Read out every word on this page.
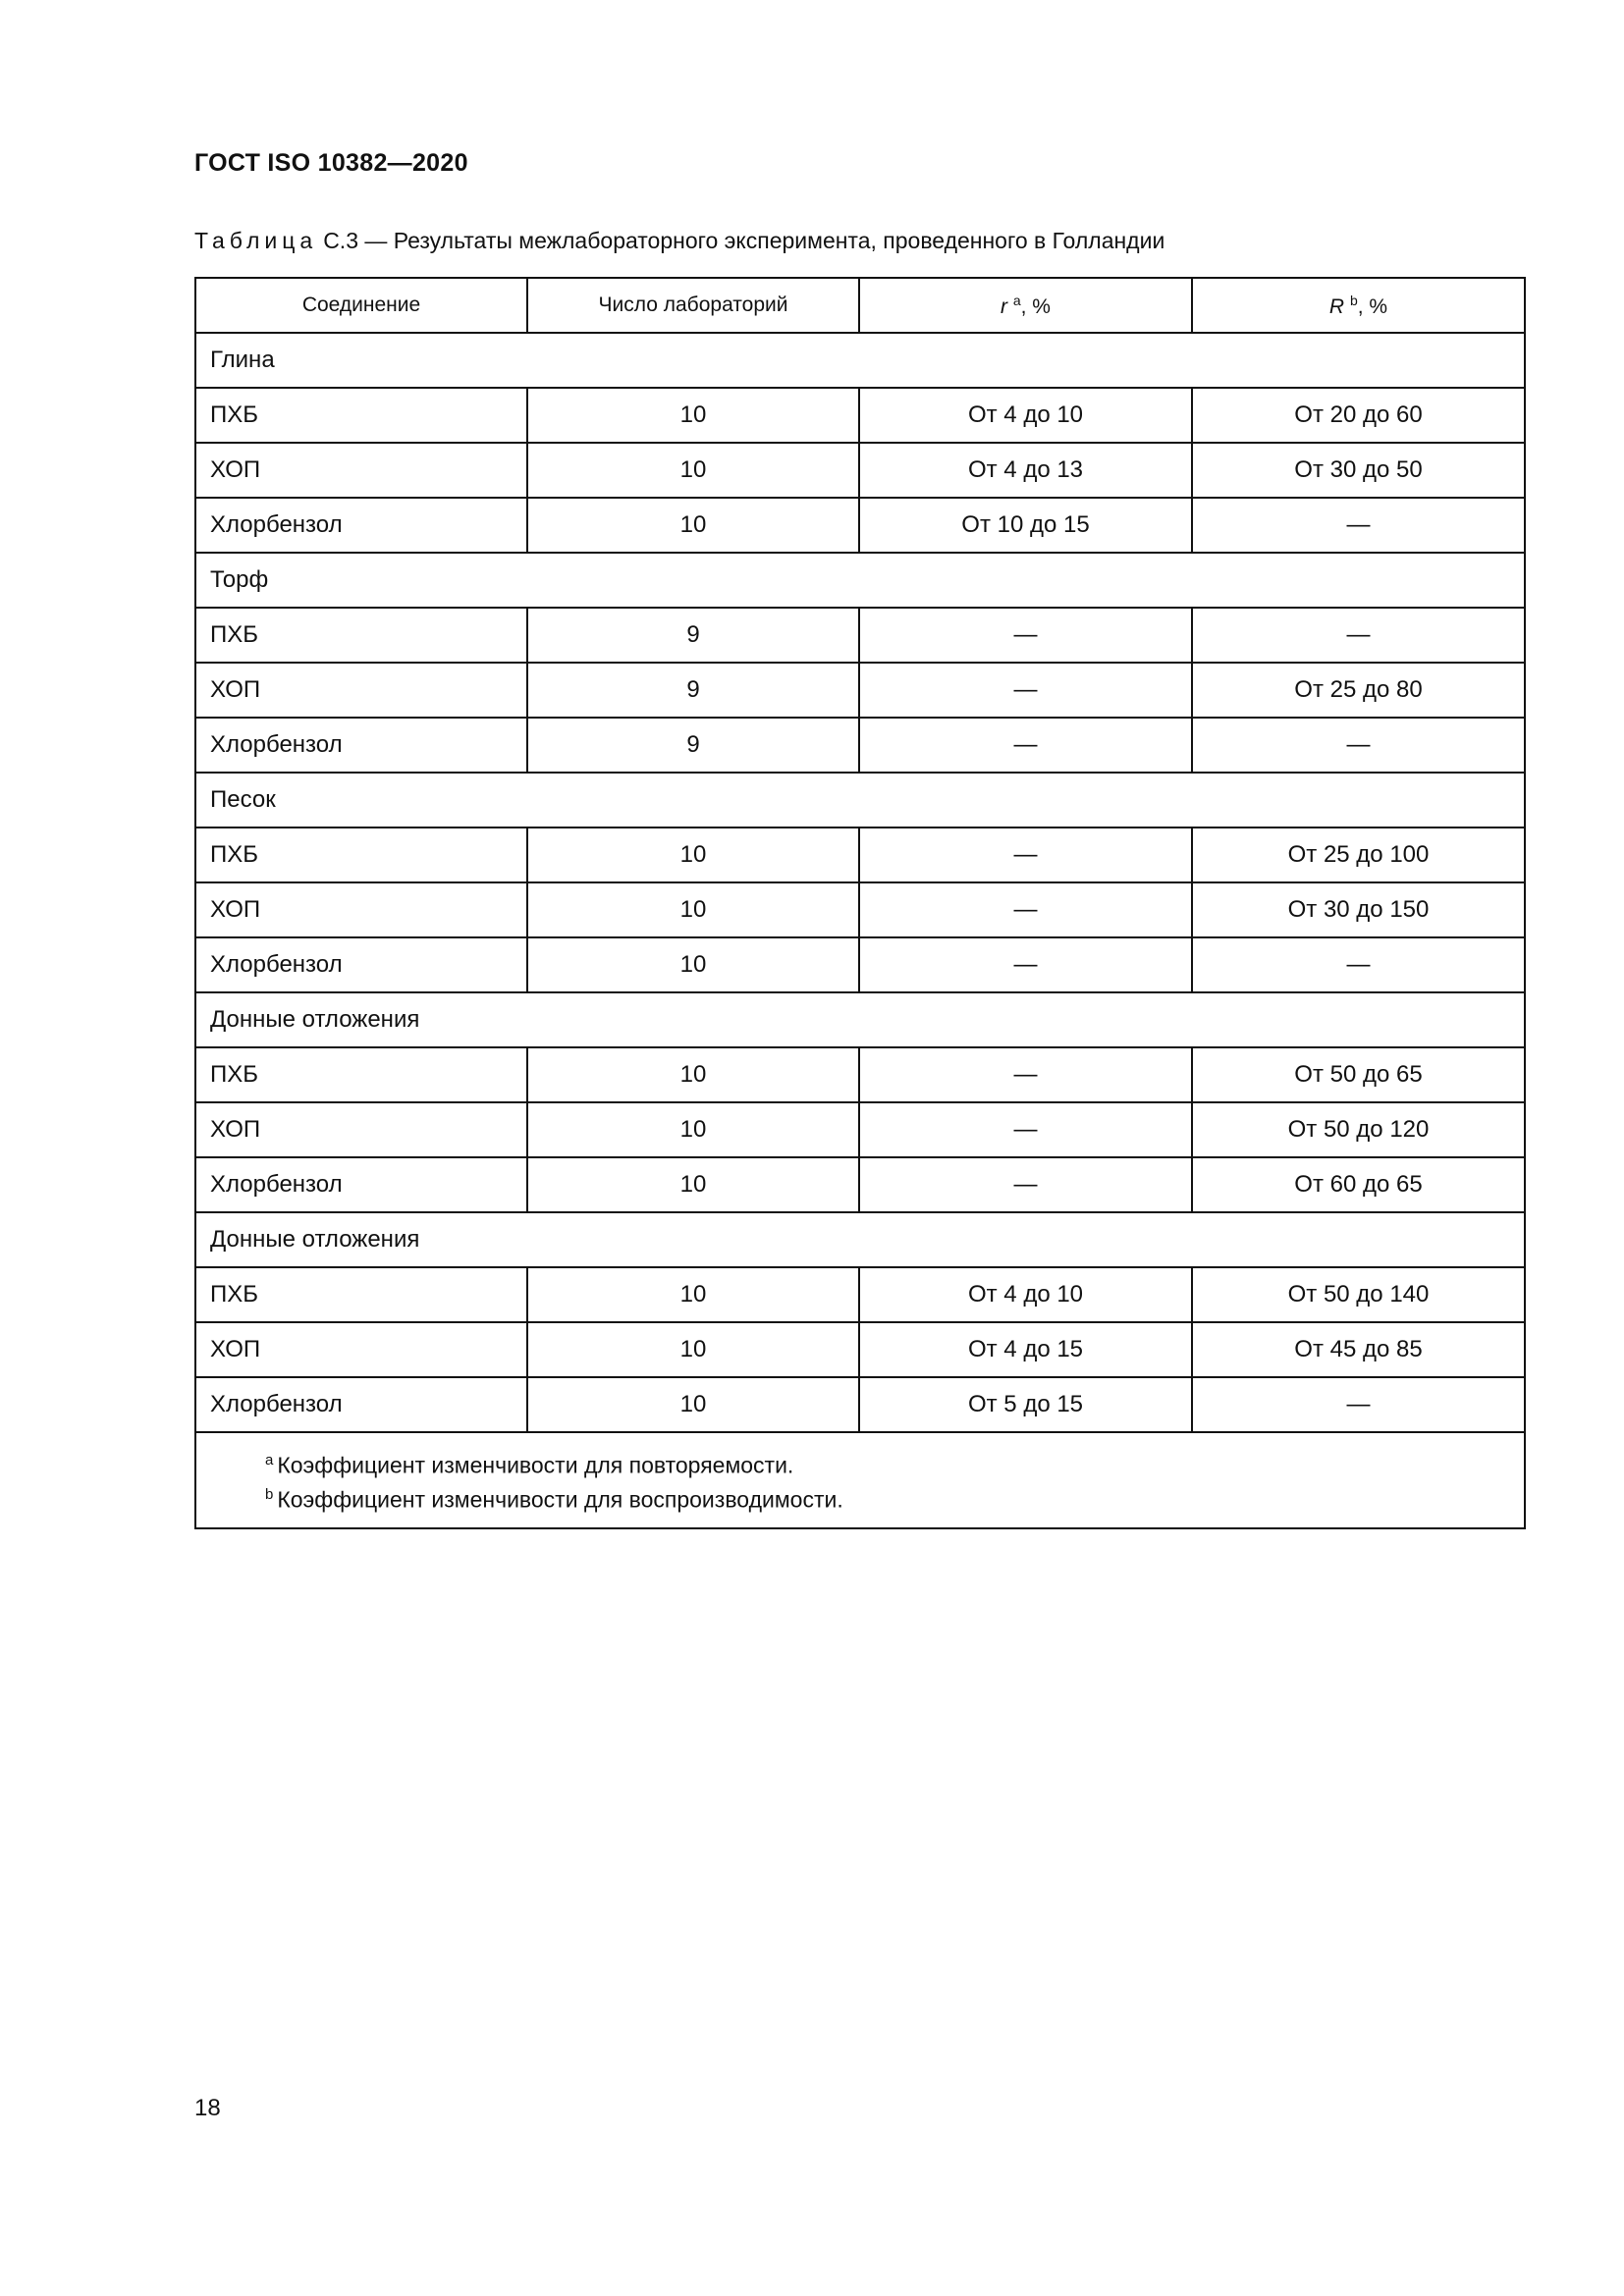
ГОСТ ISO 10382—2020
Таблица С.3 — Результаты межлабораторного эксперимента, проведенного в Голландии
Соединение	Число лабораторий	r $^a$, %	R $^b$, %
Глина			
ПХБ	10	От 4 до 10	От 20 до 60
ХОП	10	От 4 до 13	От 30 до 50
Хлорбензол	10	От 10 до 15	—
Торф			
ПХБ	9	—	—
ХОП	9	—	От 25 до 80
Хлорбензол	9	—	—
Песок			
ПХБ	10	—	От 25 до 100
ХОП	10	—	От 30 до 150
Хлорбензол	10	—	—
Донные отложения			
ПХБ	10	—	От 50 до 65
ХОП	10	—	От 50 до 120
Хлорбензол	10	—	От 60 до 65
Донные отложения			
ПХБ	10	От 4 до 10	От 50 до 140
ХОП	10	От 4 до 15	От 45 до 85
Хлорбензол	10	От 5 до 15	—

$^a$ Коэффициент изменчивости для повторяемости.
$^b$ Коэффициент изменчивости для воспроизводимости.			
18
